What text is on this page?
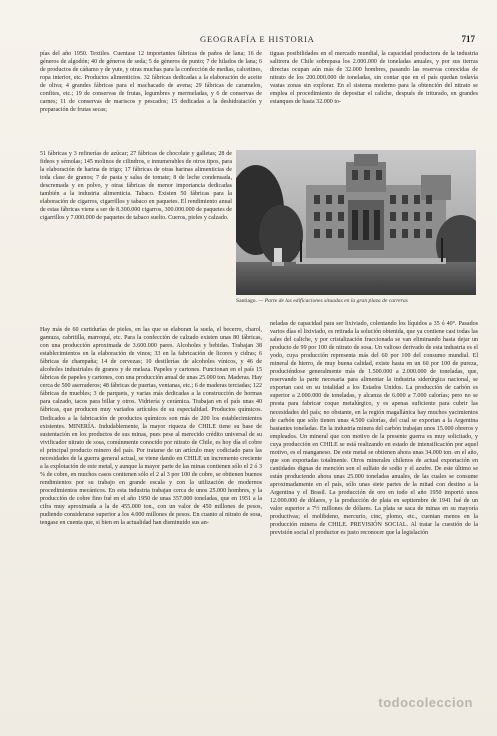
GEOGRAFÍA E HISTORIA	717

pías del año 1950. Textiles. Cuentase 12 importantes fábricas de paños de lana; 16 de géneros de algodón; 40 de géneros de seda; 5 de géneros de punto; 7 de hilados de lana; 6 de productos de cáñamo y de yute, y otras muchas para la confección de medias, calcetines, ropa interior, etc. Productos alimenticios. 32 fábricas dedicadas a la elaboración de aceite de oliva; 4 grandes fábricas para el machacado de avena; 29 fábricas de caramelos, confites, etc.; 19 de conservas de frutas, legumbres y mermeladas, y 6 de conservas de carnes; 11 de conservas de mariscos y pescados; 15 dedicadas a la deshidratación y preparación de frutas secas;

tiguas posibilidades en el mercado mundial, la capacidad productora de la industria salitrera de Chile sobrepasa los 2.000.000 de toneladas anuales, y por sus tierras directas ocupan aún más de 32.000 hombres, pasando las reservas conocidas de nitrato de los 200.000.000 de toneladas, sin contar que en el país quedan todavía vastas zonas sin explorar. En el sistema moderno para la obtención del nitrato se emplea el procedimiento de depositar el caliche, después de triturado, en grandes estanques de hasta 32.000 to-

51 fábricas y 3 refinerías de azúcar; 27 fábricas de chocolate y galletas; 28 de fideos y sémolas; 145 molinos de cilindros, e innumerables de otros tipos, para la elaboración de harina de trigo; 17 fábricas de otras harinas alimenticias de toda clase de granos; 7 de pasta y salsa de tomate; 8 de leche condensada, descremada y en polvo, y otras fábricas de menor importancia dedicadas también a la industria alimenticia. Tabaco. Existen 50 fábricas para la elaboración de cigarros, cigarrillos y tabaco en paquetes. El rendimiento anual de estas fábricas viene a ser de 8.300.000 cigarros, 300.000.000 de paquetes de cigarrillos y 7.000.000 de paquetes de tabaco suelto. Cueros, pieles y calzado.

Santiago. — Parte de las edificaciones situadas en la gran plaza de carreras

Hay más de 60 curtidurías de pieles, en las que se elaboran la suela, el becerro, charol, gamuza, cabritilla, marroquí, etc. Para la confección de calzado existen unas 80 fábricas, con una producción aproximada de 3.600.000 pares. Alcoholes y bebidas. Trabajan 38 establecimientos en la elaboración de vinos; 33 en la fabricación de licores y cidras; 6 fábricas de champaña; 14 de cervezas; 10 destilerías de alcoholes vínicos, y 46 de alcoholes industriales de granos y de melaza. Papeles y cartones. Funcionan en el país 15 fábricas de papeles y cartones, con una producción anual de unas 25.000 ton. Maderas. Hay cerca de 500 aserraderos; 48 fábricas de puertas, ventanas, etc.; 6 de maderas terciadas; 122 fábricas de muebles; 3 de parquets, y varias más dedicadas a la construcción de hormas para calzado, tacos para billar y otros. Vidriería y cerámica. Trabajan en el país unas 40 fábricas, que producen muy variados artículos de su especialidad. Productos químicos. Dedicados a la fabricación de productos químicos son más de 200 los establecimientos existentes. MINERÍA. Indudablemente, la mayor riqueza de CHILE tiene su base de sustentación en los productos de sus minas, pues pese al merecido crédito universal de su vivificador nitrato de sosa, comúnmente conocido por nitrato de Chile, es hoy día el cobre el principal producto minero del país. Por tratarse de un artículo muy codiciado para las necesidades de la guerra general actual, se viene dando en CHILE un incremento creciente a la explotación de este metal, y aunque la mayor parte de las minas contienen sólo el 2 ó 3 % de cobre, en muchos casos contienen sólo el 2 al 3 por 100 de cobre, se obtienen buenos rendimientos por su trabajo en grande escala y con la utilización de modernos procedimientos mecánicos. En esta industria trabajan cerca de unos 25.000 hombres, y la producción de cobre fino fué en el año 1950 de unas 357.000 toneladas, que en 1951 a la cifra muy aproximada a la de 455.000 ton., con un valor de 450 millones de pesos, pudiendo considerarse superior a los 4.000 millones de pesos. En cuanto al nitrato de sosa, tengase en cuenta que, si bien en la actualidad han disminuido sus an-

neladas de capacidad para ser lixiviado, colentando los líquidos a 35 ó 40°. Pasados varios días el lixiviado, es retirada la solución obtenida, que ya contiene casi todas las sales del caliche, y por cristalización fraccionada se van eliminando hasta dejar un producto de 99 por 100 de nitrato de sosa. Un valioso derivado de esta industria es el yodo, cuya producción representa más del 60 por 100 del consumo mundial. El mineral de hierro, de muy buena calidad, existe hasta en un 60 por 100 de pureza, produciéndose generalmente más de 1.500.000 a 2.000.000 de toneladas, que, reservando la parte necesaria para alimentar la industria siderúrgica nacional, se exportan casi en su totalidad a los Estados Unidos. La producción de carbón es superior a 2.000.000 de toneladas, y alcanza de 6.000 a 7.000 calorías; pero no se presta para fabricar coque metalúrgico, y es apenas suficiente para cubrir las necesidades del país; no obstante, en la región magallánica hay muchos yacimientos de carbón que sólo tienen unas 4.500 calorías, del cual se exportan a la Argentina bastantes toneladas. En la industria minera del carbón trabajan unos 15.000 obreros y empleados. Un mineral que con motivo de la presente guerra es muy solicitado, y cuya producción en CHILE se está realizando en estado de intensificación por aquel motivo, es el manganeso. De este metal se obtienen ahora unas 34.000 ton. en el año, que son exportadas totalmente. Otros minerales chilenos de actual exportación en cantidades dignas de mención son el sulfato de sodio y el azufre. De este último se están produciendo ahora unas 25.000 toneladas anuales, de las cuales se consume aproximadamente en el país, sólo unas siete partes de la mitad con destino a la Argentina y el Brasil. La producción de oro en todo el año 1950 importó unos 12.000.000 de dólares, y la producción de plata en septiembre de 1941 fué de un valor superior a 7½ millones de dólares. La plata se saca de minas en su mayoría productivas; el molibdeno, mercurio, cinc, plomo, etc., cuentan menos en la producción minera de CHILE. PREVISIÓN SOCIAL. Al tratar la cuestión de la previsión social el productor es justo reconocer que la legislación

todocoleccion
